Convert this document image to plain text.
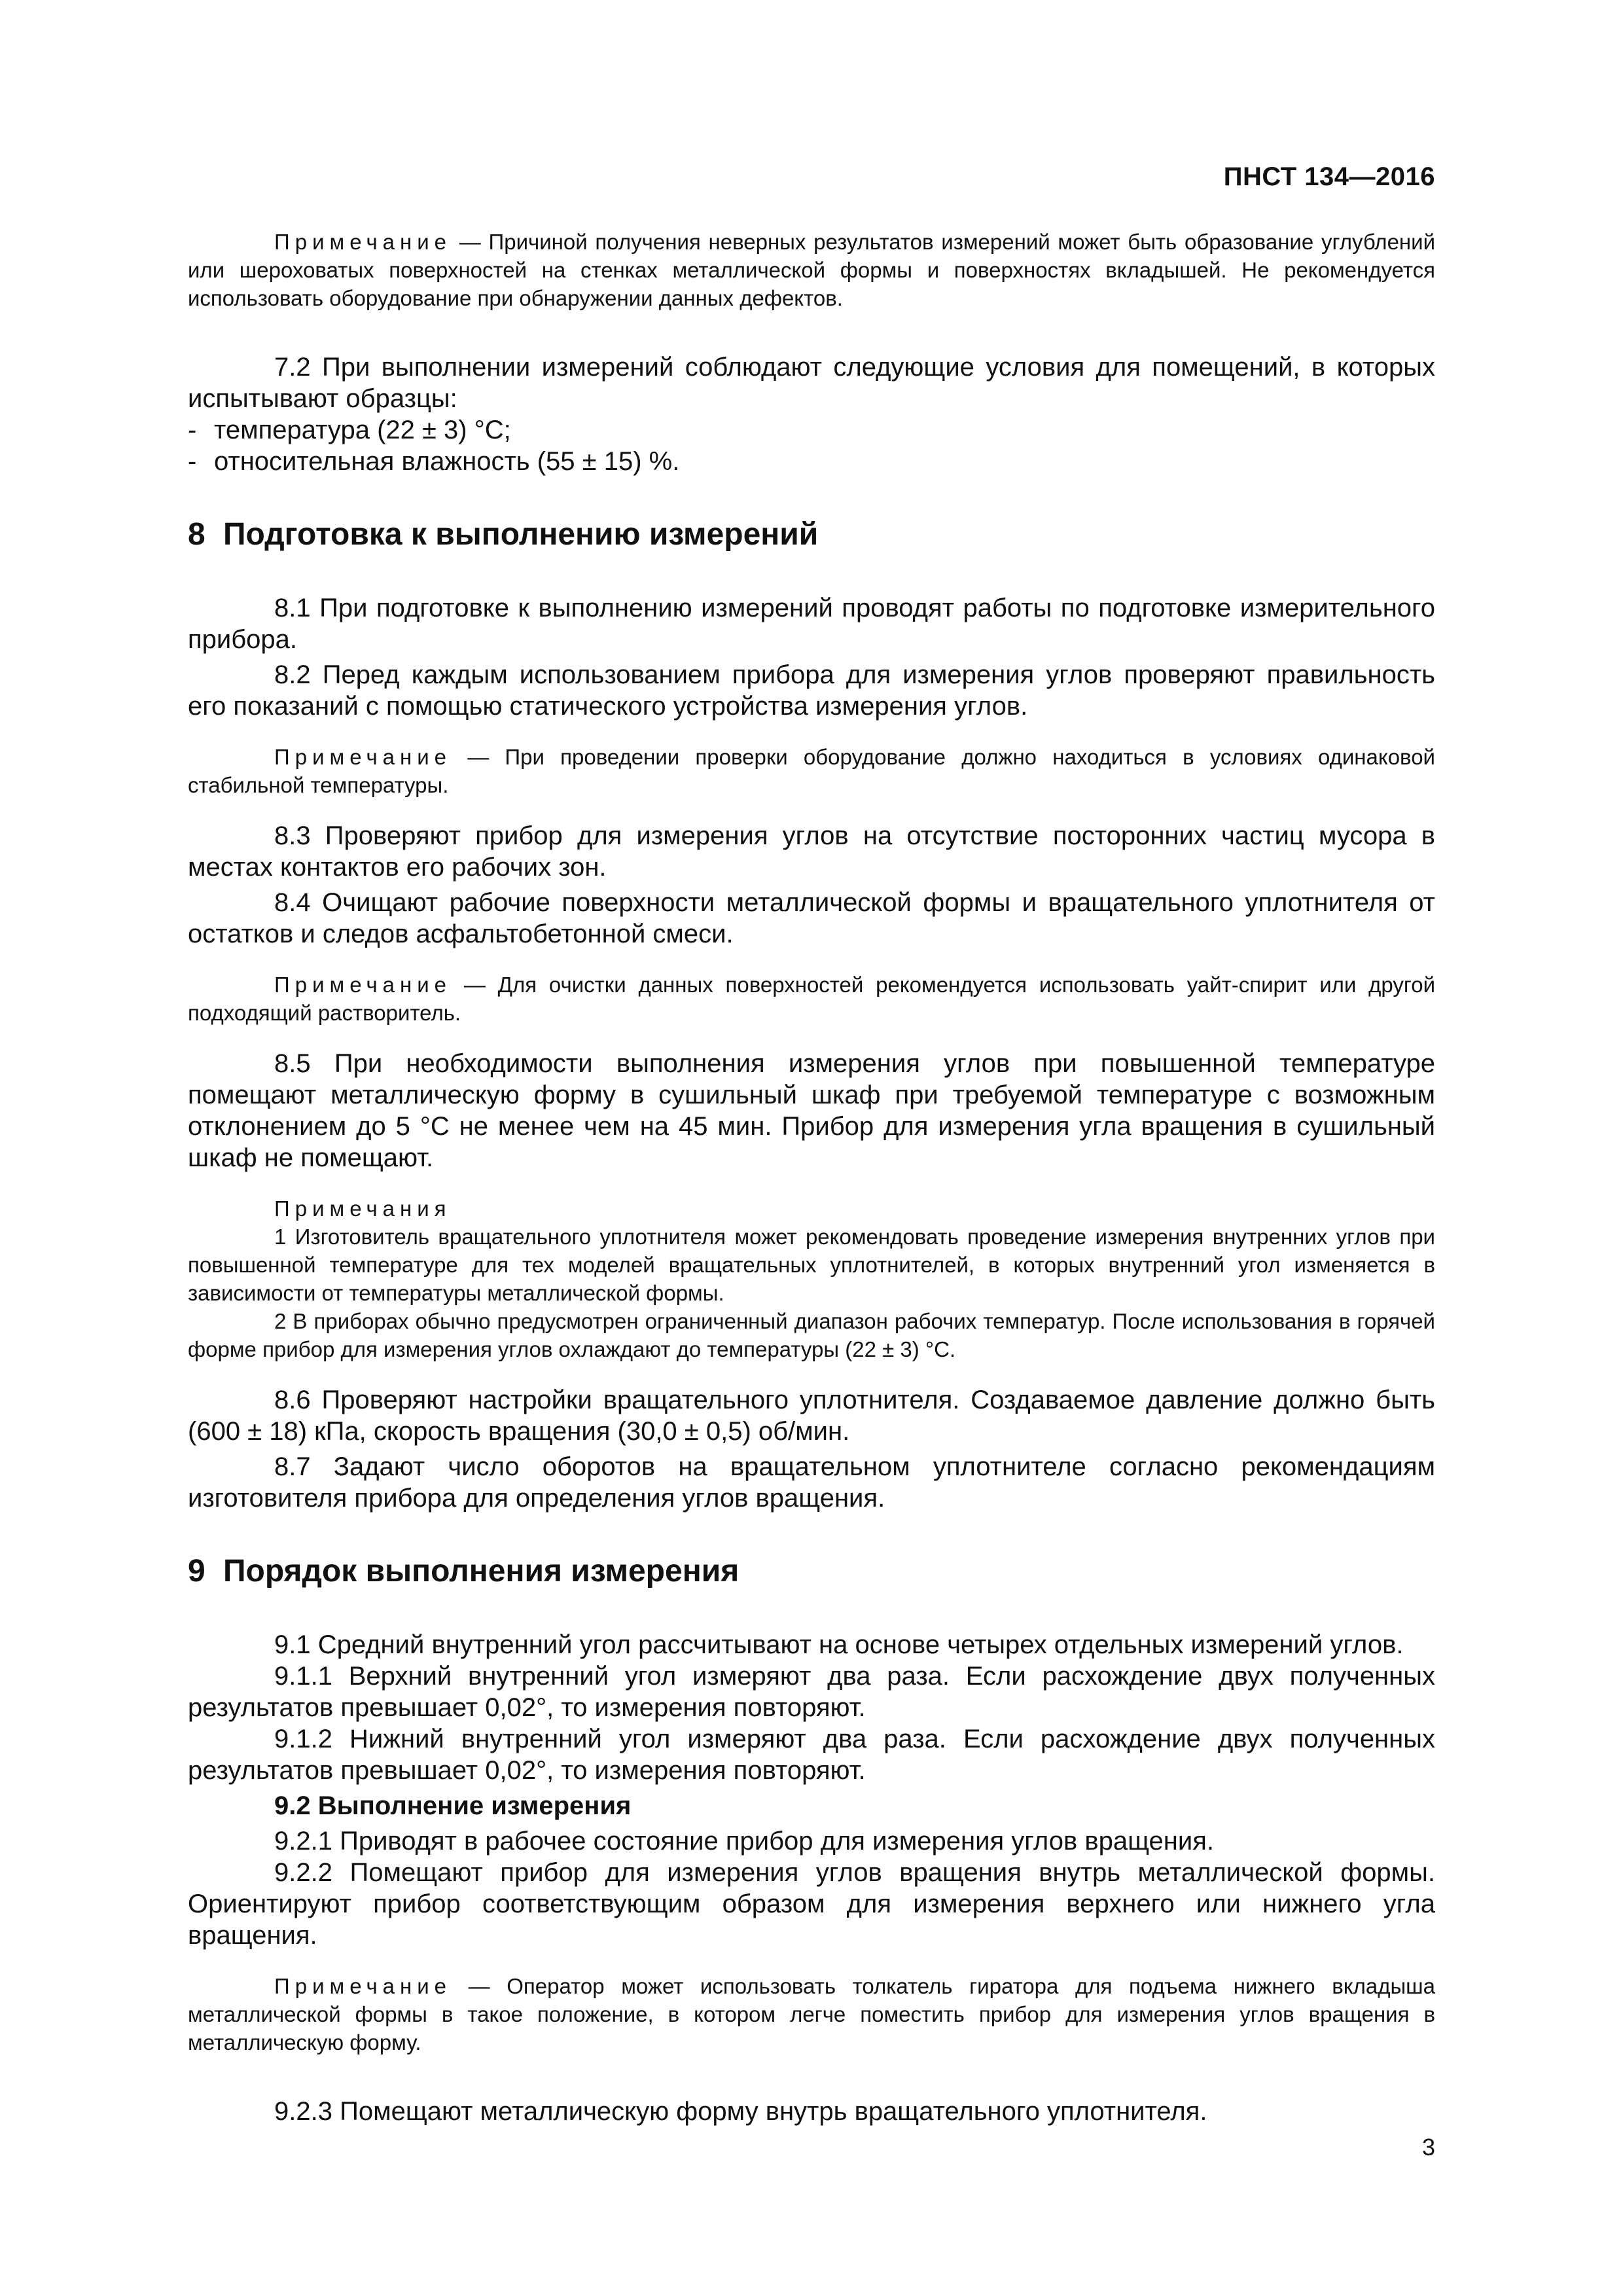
ПНСТ 134—2016

Примечание — Причиной получения неверных результатов измерений может быть образование углублений или шероховатых поверхностей на стенках металлической формы и поверхностях вкладышей. Не рекомендуется использовать оборудование при обнаружении данных дефектов.

7.2 При выполнении измерений соблюдают следующие условия для помещений, в которых испытывают образцы:

- температура (22 ± 3) °С;

- относительная влажность (55 ± 15) %.

8 Подготовка к выполнению измерений

8.1 При подготовке к выполнению измерений проводят работы по подготовке измерительного прибора.

8.2 Перед каждым использованием прибора для измерения углов проверяют правильность его показаний с помощью статического устройства измерения углов.

Примечание — При проведении проверки оборудование должно находиться в условиях одинаковой стабильной температуры.

8.3 Проверяют прибор для измерения углов на отсутствие посторонних частиц мусора в местах контактов его рабочих зон.

8.4 Очищают рабочие поверхности металлической формы и вращательного уплотнителя от остатков и следов асфальтобетонной смеси.

Примечание — Для очистки данных поверхностей рекомендуется использовать уайт-спирит или другой подходящий растворитель.

8.5 При необходимости выполнения измерения углов при повышенной температуре помещают металлическую форму в сушильный шкаф при требуемой температуре с возможным отклонением до 5 °С не менее чем на 45 мин. Прибор для измерения угла вращения в сушильный шкаф не помещают.

Примечания

1 Изготовитель вращательного уплотнителя может рекомендовать проведение измерения внутренних углов при повышенной температуре для тех моделей вращательных уплотнителей, в которых внутренний угол изменяется в зависимости от температуры металлической формы.

2 В приборах обычно предусмотрен ограниченный диапазон рабочих температур. После использования в горячей форме прибор для измерения углов охлаждают до температуры (22 ± 3) °С.

8.6 Проверяют настройки вращательного уплотнителя. Создаваемое давление должно быть (600 ± 18) кПа, скорость вращения (30,0 ± 0,5) об/мин.

8.7 Задают число оборотов на вращательном уплотнителе согласно рекомендациям изготовителя прибора для определения углов вращения.

9 Порядок выполнения измерения

9.1 Средний внутренний угол рассчитывают на основе четырех отдельных измерений углов.

9.1.1 Верхний внутренний угол измеряют два раза. Если расхождение двух полученных результатов превышает 0,02°, то измерения повторяют.

9.1.2 Нижний внутренний угол измеряют два раза. Если расхождение двух полученных результатов превышает 0,02°, то измерения повторяют.

9.2 Выполнение измерения

9.2.1 Приводят в рабочее состояние прибор для измерения углов вращения.

9.2.2 Помещают прибор для измерения углов вращения внутрь металлической формы. Ориентируют прибор соответствующим образом для измерения верхнего или нижнего угла вращения.

Примечание — Оператор может использовать толкатель гиратора для подъема нижнего вкладыша металлической формы в такое положение, в котором легче поместить прибор для измерения углов вращения в металлическую форму.

9.2.3 Помещают металлическую форму внутрь вращательного уплотнителя.

3
